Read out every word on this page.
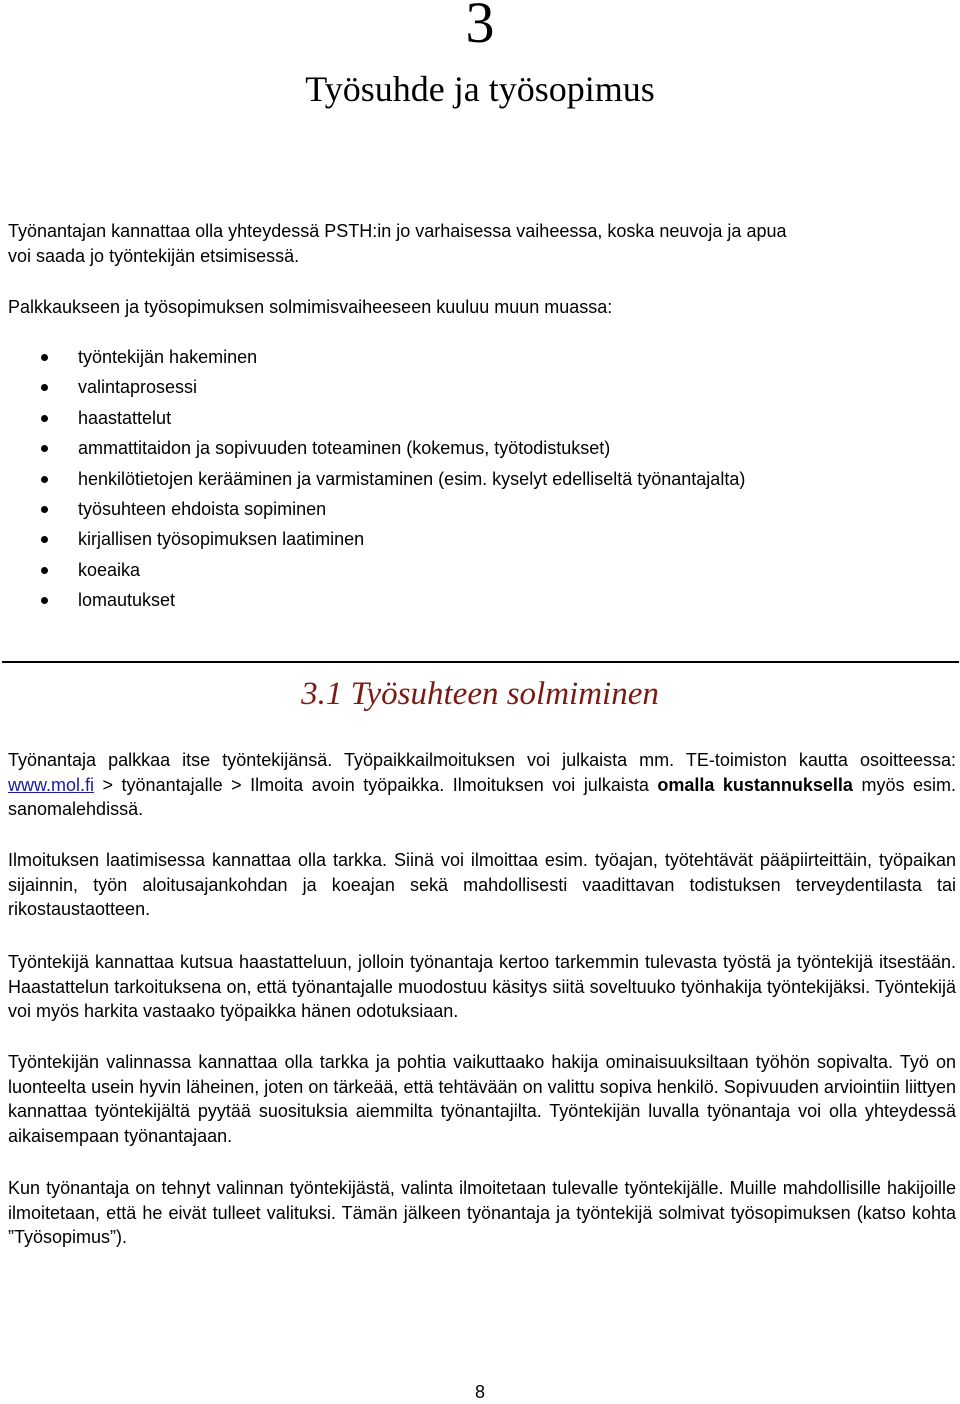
3
Työsuhde ja työsopimus

Työnantajan kannattaa olla yhteydessä PSTH:in jo varhaisessa vaiheessa, koska neuvoja ja apua
voi saada jo työntekijän etsimisessä.

Palkkaukseen ja työsopimuksen solmimisvaiheeseen kuuluu muun muassa:

työntekijän hakeminen
valintaprosessi
haastattelut
ammattitaidon ja sopivuuden toteaminen (kokemus, työtodistukset)
henkilötietojen kerääminen ja varmistaminen (esim. kyselyt edelliseltä työnantajalta)
työsuhteen ehdoista sopiminen
kirjallisen työsopimuksen laatiminen
koeaika
lomautukset
3.1 Työsuhteen solmiminen

Työnantaja palkkaa itse työntekijänsä. Työpaikkailmoituksen voi julkaista mm. TE-toimiston kautta osoitteessa: www.mol.fi > työnantajalle > Ilmoita avoin työpaikka. Ilmoituksen voi julkaista omalla kustannuksella myös esim. sanomalehdissä.

Ilmoituksen laatimisessa kannattaa olla tarkka. Siinä voi ilmoittaa esim. työajan, työtehtävät pääpiirteittäin, työpaikan sijainnin, työn aloitusajankohdan ja koeajan sekä mahdollisesti vaadittavan todistuksen terveydentilasta tai rikostaustaotteen.

Työntekijä kannattaa kutsua haastatteluun, jolloin työnantaja kertoo tarkemmin tulevasta työstä ja työntekijä itsestään. Haastattelun tarkoituksena on, että työnantajalle muodostuu käsitys siitä soveltuuko työnhakija työntekijäksi. Työntekijä voi myös harkita vastaako työpaikka hänen odotuksiaan.

Työntekijän valinnassa kannattaa olla tarkka ja pohtia vaikuttaako hakija ominaisuuksiltaan työhön sopivalta. Työ on luonteelta usein hyvin läheinen, joten on tärkeää, että tehtävään on valittu sopiva henkilö. Sopivuuden arviointiin liittyen kannattaa työntekijältä pyytää suosituksia aiemmilta työnantajilta. Työntekijän luvalla työnantaja voi olla yhteydessä aikaisempaan työnantajaan.

Kun työnantaja on tehnyt valinnan työntekijästä, valinta ilmoitetaan tulevalle työntekijälle. Muille mahdollisille hakijoille ilmoitetaan, että he eivät tulleet valituksi. Tämän jälkeen työnantaja ja työntekijä solmivat työsopimuksen (katso kohta ”Työsopimus”).

8
